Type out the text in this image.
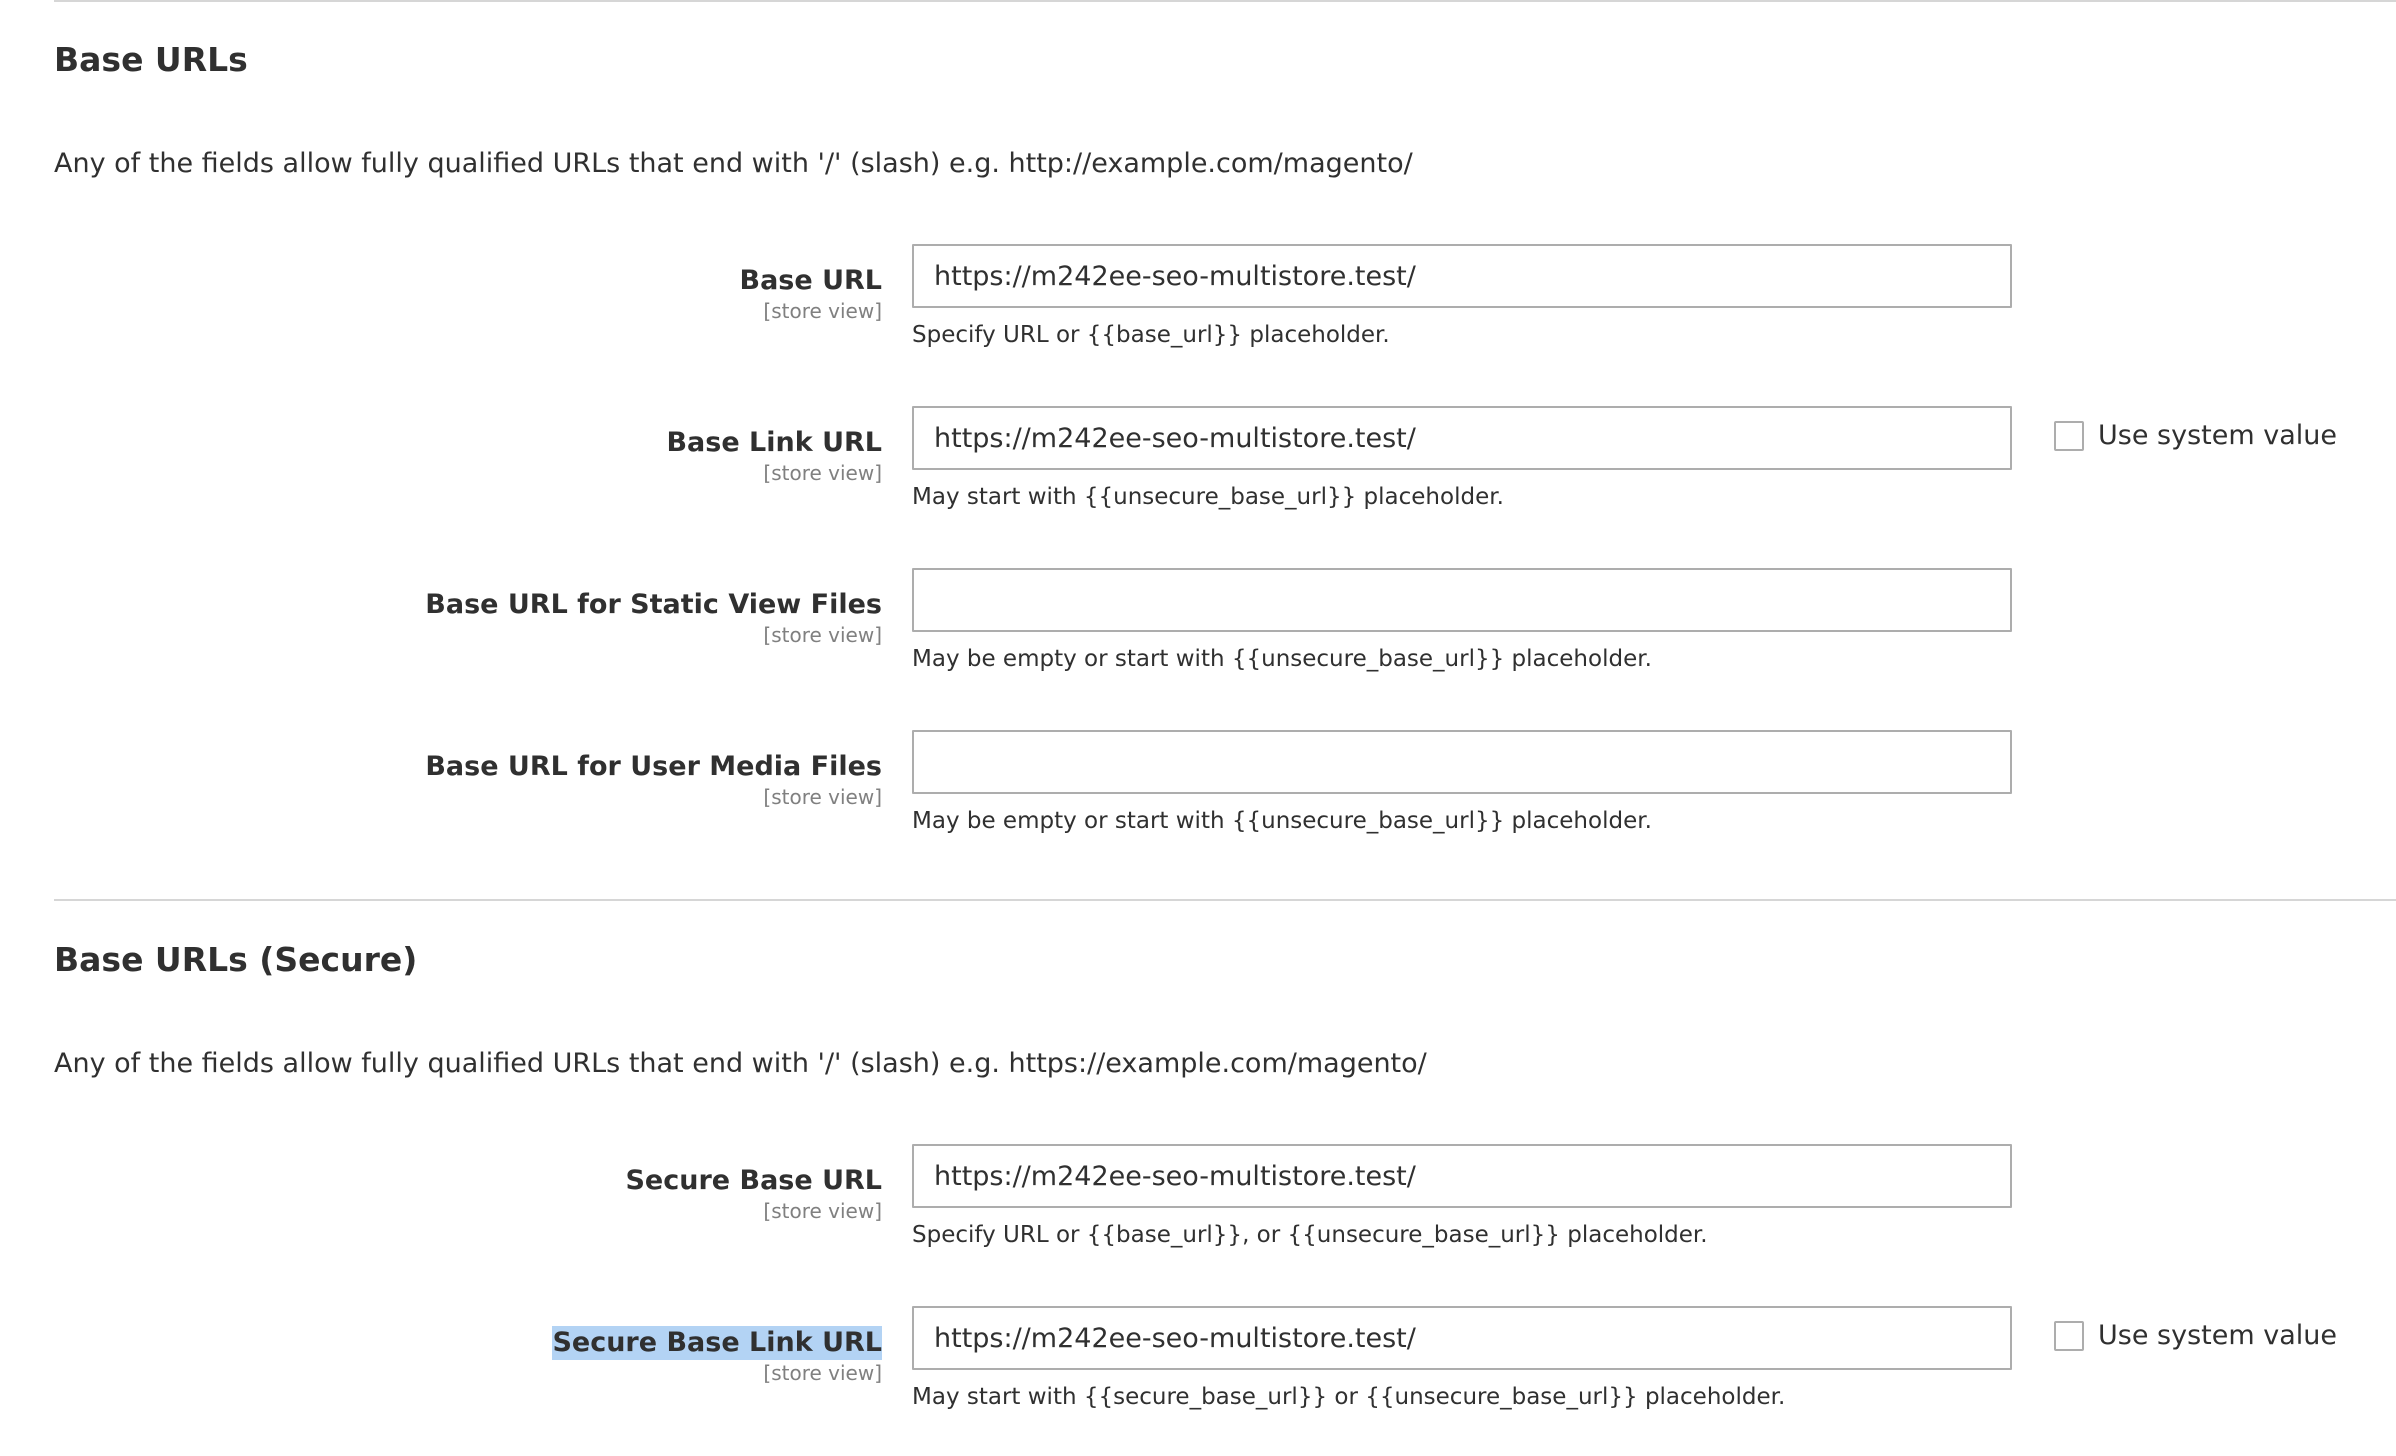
Base URLs

Any of the fields allow fully qualified URLs that end with '/' (slash) e.g. http://example.com/magento/

Base URL
[store view]
https://m242ee-seo-multistore.test/
Specify URL or {{base_url}} placeholder.
Base Link URL
[store view]
https://m242ee-seo-multistore.test/
May start with {{unsecure_base_url}} placeholder.
Use system value
Base URL for Static View Files
[store view]
May be empty or start with {{unsecure_base_url}} placeholder.
Base URL for User Media Files
[store view]
May be empty or start with {{unsecure_base_url}} placeholder.
Base URLs (Secure)

Any of the fields allow fully qualified URLs that end with '/' (slash) e.g. https://example.com/magento/

Secure Base URL
[store view]
https://m242ee-seo-multistore.test/
Specify URL or {{base_url}}, or {{unsecure_base_url}} placeholder.
Secure Base Link URL
[store view]
https://m242ee-seo-multistore.test/
May start with {{secure_base_url}} or {{unsecure_base_url}} placeholder.
Use system value
